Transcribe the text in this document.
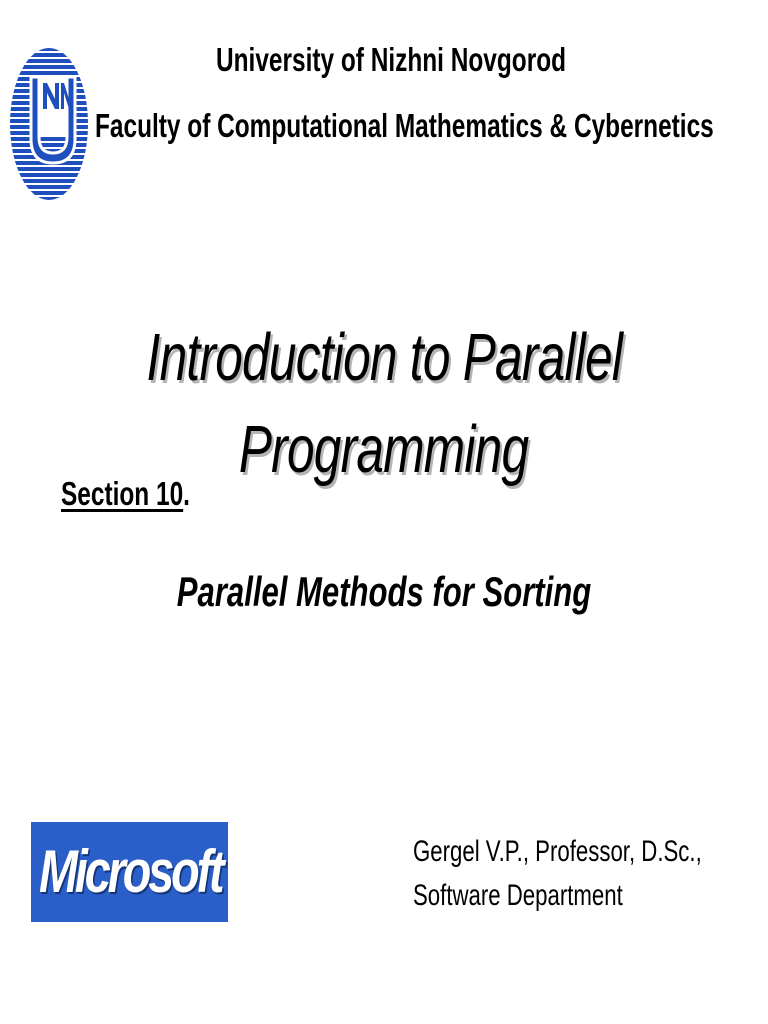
University of Nizhni Novgorod
Faculty of Computational Mathematics & Cybernetics
Introduction to Parallel
Programming
Section 10.
Parallel Methods for Sorting
Microsoft	Gergel V.P., Professor, D.Sc.,
Software Department
